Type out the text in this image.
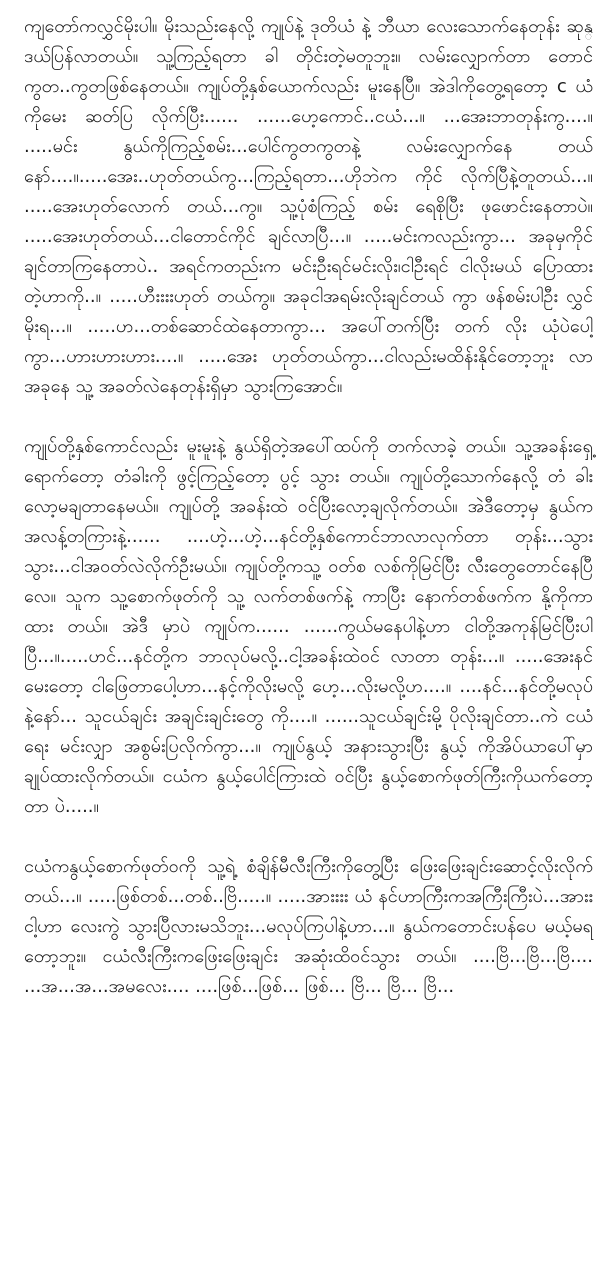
ကျတော်ကလွှင်မိုးပါ။ မိုးသည်းနေလို့ ကျုပ်နဲ့ ဒုတိယံ နဲ့ ဘီယာ လေးသောက်နေတုန်း ဆုန္ဒယ်ပြန်လာတယ်။ သူ့ကြည့်ရတာ ခါ တိုင်းတဲ့မတူဘူး။ လမ်းလျှောက်တာ တောင် ကွတ..ကွတဖြစ်နေတယ်။ ကျုပ်တို့နှစ်ယောက်လည်း မူးနေပြီ။ အဲဒါကိုတွေ့ရတော့ c ယံကိုမေး ဆတ်ပြ လိုက်ပြီး...... ......ဟေ့ကောင်..ငယံ...။ ...အေးဘာတုန်းကွ....။ .....မင်း နွယ်ကိုကြည့်စမ်း...ပေါင်ကွတကွတနဲ့ လမ်းလျှောက်နေ တယ်နော်....။.....အေး..ဟုတ်တယ်ကွ...ကြည့်ရတာ...ဟိုဘဲက ကိုင် လိုက်ပြီနဲ့တူတယ်...။ .....အေးဟုတ်လောက် တယ်...ကွ။ သူ့ပုံစံကြည့် စမ်း ရေစိုပြီး ဖုဖောင်းနေတာပဲ။ .....အေးဟုတ်တယ်...ငါတောင်ကိုင် ချင်လာပြီ...။ .....မင်းကလည်းကွာ... အခုမှကိုင်ချင်တာကြနေတာပဲ.. အရင်ကတည်းက မင်းဦးရင်မင်းလိုး၊ငါဦးရင် ငါလိုးမယ် ပြောထား တဲ့ဟာကို..။ .....ဟီးးးးဟုတ် တယ်ကွ။ အခုငါအရမ်းလိုးချင်တယ် ကွာ ဖန်စမ်းပါဦး လွှင်မိုးရ...။ .....ဟ...တစ်ဆောင်ထဲနေတာကွာ... အပေါ်တက်ပြီး တက် လိုး ယုံပဲပေါ့ကွာ...ဟားဟားဟား....။ .....အေး ဟုတ်တယ်ကွာ...ငါလည်းမထိန်းနိုင်တော့ဘူး လာအခုနေ သူ့ အခတ်လဲနေတုန်းရှိမှာ သွားကြအောင်။

ကျုပ်တို့နှစ်ကောင်လည်း မူးမူးနဲ့ နွယ်ရှိတဲ့အပေါ်ထပ်ကို တက်လာခဲ့ တယ်။ သူ့အခန်းရှေ့ရောက်တော့ တံခါးကို ဖွင့်ကြည့်တော့ ပွင့် သွား တယ်။ ကျုပ်တို့သောက်နေလို့ တံ ခါးလော့မချတာနေမယ်။ ကျုပ်တို့ အခန်းထဲ ဝင်ပြီးလော့ချလိုက်တယ်။ အဲဒီတော့မှ နွယ်က အလန့်တကြားနဲ့...... ....ဟဲ့...ဟဲ့...နင်တို့နှစ်ကောင်ဘာလာလုက်တာ တုန်း...သွားသွား...ငါအဝတ်လဲလိုက်ဦးမယ်။ ကျုပ်တို့ကသူ့ ဝတ်စ လစ်ကိုမြင်ပြီး လီးတွေတောင်နေပြီလေ။ သူက သူ့စောက်ဖုတ်ကို သူ့ လက်တစ်ဖက်နဲ့ ကာပြီး နောက်တစ်ဖက်က နို့ကိုကာထား တယ်။ အဲဒီ မှာပဲ ကျုပ်က...... ......ကွယ်မနေပါနဲ့ဟာ ငါတို့အကုန်မြင်ပြီးပါ ပြီ...။.....ဟင်...နင်တို့က ဘာလုပ်မလို့..ငါ့အခန်းထဲဝင် လာတာ တုန်း...။ .....အေးနင်မေးတော့ ငါဖြေတာပေါ့ဟာ...နင့်ကိုလိုးမလို့ ဟေ့...လိုးမလို့ဟ....။ ....နင်...နင်တို့မလုပ်နဲ့နော်... သူငယ်ချင်း အချင်းချင်းတွေ ကို....။ ......သူငယ်ချင်းမို့ ပိုလိုးချင်တာ..ကဲ ငယံ ရေး မင်းလျှာ အစွမ်းပြလိုက်ကွာ...။ ကျုပ်နွယ့် အနားသွားပြီး နွယ့် ကိုအိပ်ယာပေါ်မှာ ချုပ်ထားလိုက်တယ်။ ငယံက နွယ့်ပေါင်ကြားထဲ ဝင်ပြီး နွယ့်စောက်ဖုတ်ကြီးကိုယက်တော့တာ ပဲ.....။

ငယံကနွယ့်စောက်ဖုတ်ဝကို သူ့ရဲ့ စံချိန်မီလီးကြီးကိုတွေ့ပြီး ဖြေးဖြေးချင်းဆောင့်လိုးလိုက်တယ်...။ .....ဖြစ်တစ်...တစ်..ဗြိ.....။ .....အားးးး ယံ နင်ဟာကြီးကအကြီးကြီးပဲ...အားး ငါ့ဟာ လေးကွဲ သွားပြီလားမသိဘူး...မလုပ်ကြပါနဲ့ဟာ...။ နွယ်ကတောင်းပန်ပေ မယ့်မရတော့ဘူး။ ငယံလီးကြီးကဖြေးဖြေးချင်း အဆုံးထိဝင်သွား တယ်။ ....ဗြိ...ဗြိ...ဗြိ.... ...အ...အ...အမလေး.... ....ဖြစ်...ဖြစ်... ဖြစ်... ဗြိ... ဗြိ... ဗြိ...
